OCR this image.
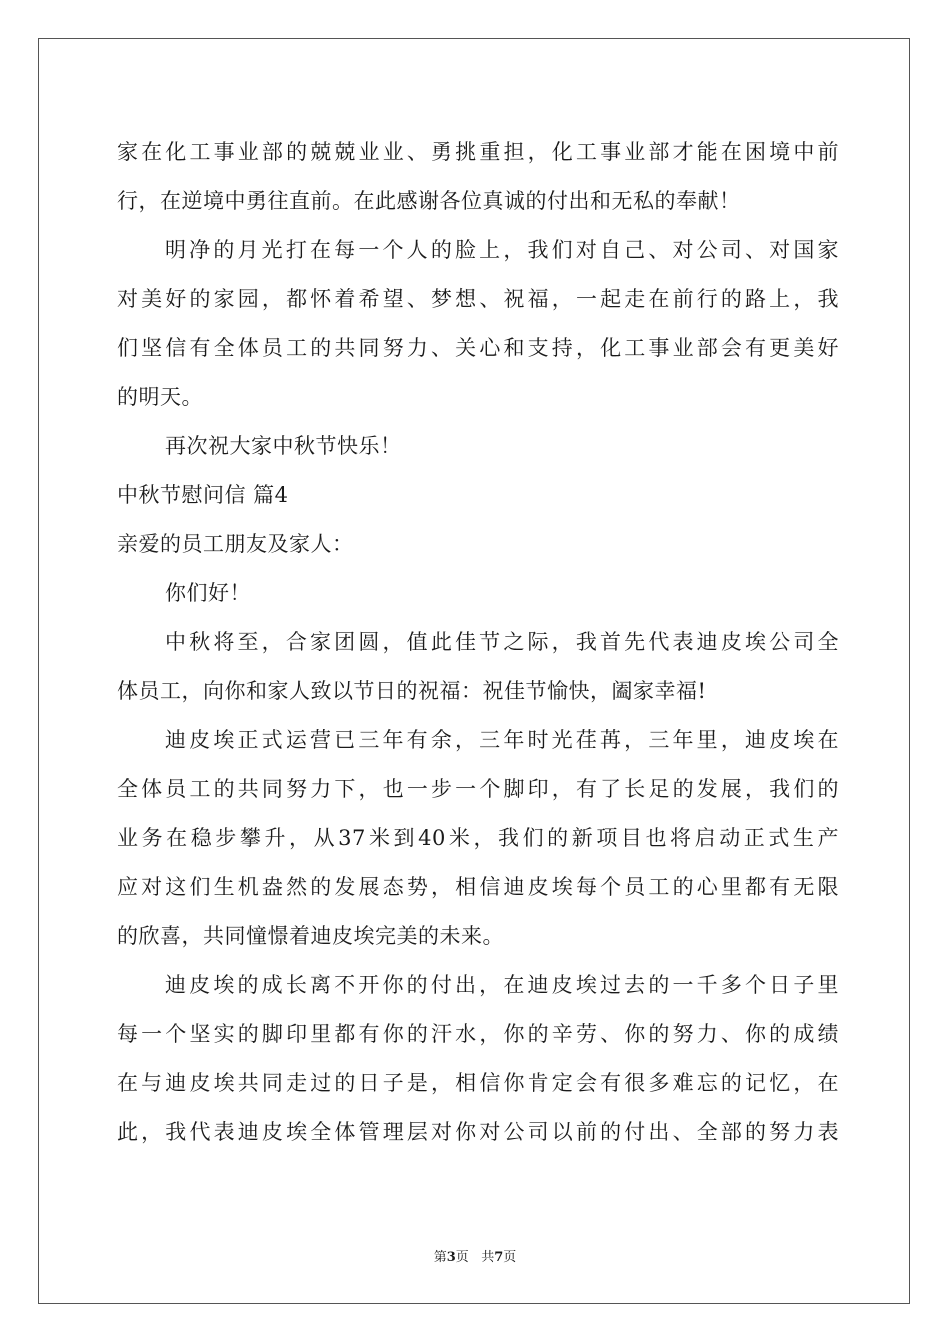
家在化工事业部的兢兢业业、勇挑重担，化工事业部才能在困境中前
行，在逆境中勇往直前。在此感谢各位真诚的付出和无私的奉献！
明净的月光打在每一个人的脸上，我们对自己、对公司、对国家
对美好的家园，都怀着希望、梦想、祝福，一起走在前行的路上，我
们坚信有全体员工的共同努力、关心和支持，化工事业部会有更美好
的明天。
再次祝大家中秋节快乐！
中秋节慰问信 篇4
亲爱的员工朋友及家人：
你们好！
中秋将至，合家团圆，值此佳节之际，我首先代表迪皮埃公司全
体员工，向你和家人致以节日的祝福：祝佳节愉快，阖家幸福!
迪皮埃正式运营已三年有余，三年时光荏苒，三年里，迪皮埃在
全体员工的共同努力下，也一步一个脚印，有了长足的发展，我们的
业务在稳步攀升，从37米到40米，我们的新项目也将启动正式生产
应对这们生机盎然的发展态势，相信迪皮埃每个员工的心里都有无限
的欣喜，共同憧憬着迪皮埃完美的未来。
迪皮埃的成长离不开你的付出，在迪皮埃过去的一千多个日子里
每一个坚实的脚印里都有你的汗水，你的辛劳、你的努力、你的成绩
在与迪皮埃共同走过的日子是，相信你肯定会有很多难忘的记忆，在
此，我代表迪皮埃全体管理层对你对公司以前的付出、全部的努力表
第3页 共7页
